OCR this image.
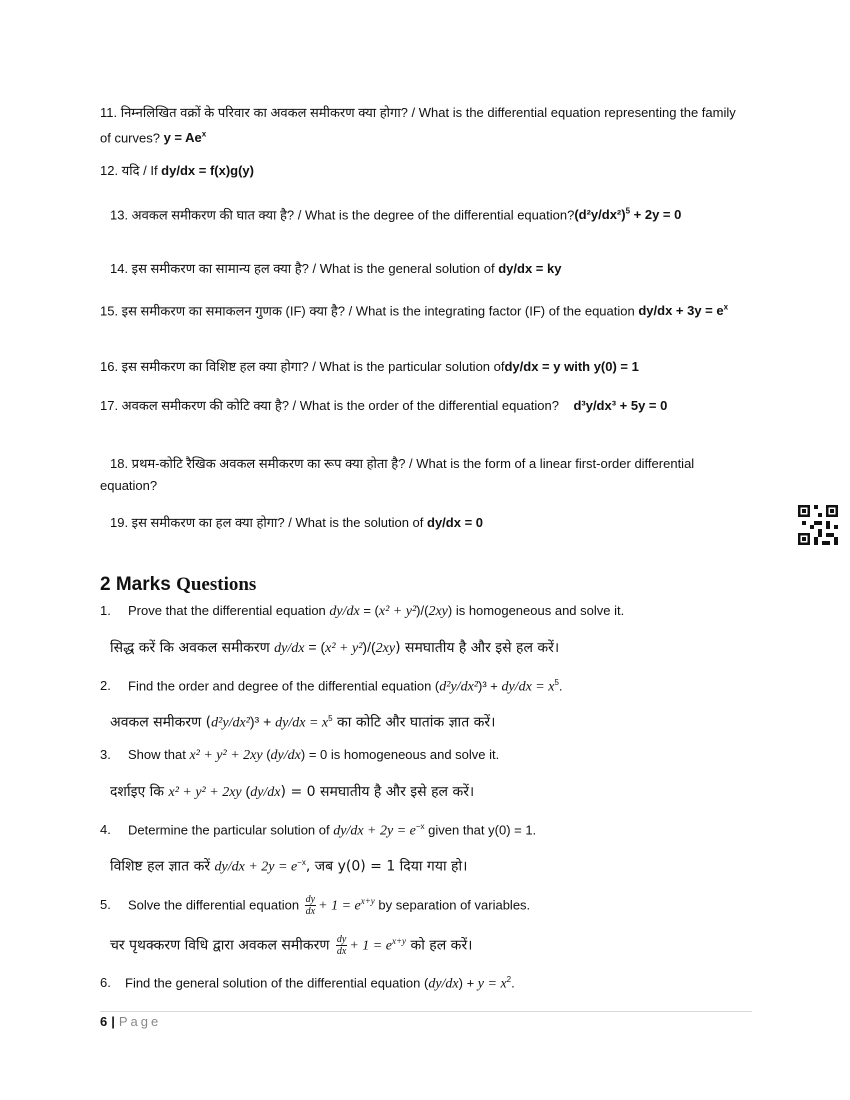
11. निम्नलिखित वक्रों के परिवार का अवकल समीकरण क्या होगा? / What is the differential equation representing the family of curves? $y = Ae^x$
12. यदि / If dy/dx = f(x)g(y)
13. अवकल समीकरण की घात क्या है? / What is the degree of the differential $equation?(d^2y/dx^2)^5 + 2y = 0$
14. इस समीकरण का सामान्य हल क्या है? / What is the general solution of dy/dx = ky
15. इस समीकरण का समाकलन गुणक (IF) क्या है? / What is the integrating factor (IF) of the equation $dy/dx + 3y = e^x$
16. इस समीकरण का विशिष्ट हल क्या होगा? / What is the particular solution ofdy/dx = y with y(0) = 1
17. अवकल समीकरण की कोटि क्या है? / What is the order of the differential equation? d³y/dx³ + 5y = 0
18. प्रथम-कोटि रैखिक अवकल समीकरण का रूप क्या होता है? / What is the form of a linear first-order differential equation?
19. इस समीकरण का हल क्या होगा? / What is the solution of dy/dx = 0
2 Marks Questions
1. Prove that the differential equation dy/dx = (x² + y²)/(2xy) is homogeneous and solve it.
सिद्ध करें कि अवकल समीकरण dy/dx = (x² + y²)/(2xy) समघातीय है और इसे हल करें।
2. Find the order and degree of the differential equation $(d^2y/dx^2)^3 + dy/dx = x^5$.
अवकल समीकरण $(d^2y/dx^2)^3 + dy/dx = x^5$ का कोटि और घातांक ज्ञात करें।
3. Show that x² + y² + 2xy (dy/dx) = 0 is homogeneous and solve it.
दर्शाइए कि x² + y² + 2xy (dy/dx) = 0 समघातीय है और इसे हल करें।
4. Determine the particular solution of $dy/dx + 2y = e^{-x}$ given that y(0) = 1.
विशिष्ट हल ज्ञात करें $dy/dx + 2y = e^{-x}$, जब y(0) = 1 दिया गया हो।
5. Solve the differential equation $\frac{dy}{dx} + 1 = e^{x+y}$ by separation of variables.
चर पृथक्करण विधि द्वारा अवकल समीकरण $\frac{dy}{dx} + 1 = e^{x+y}$ को हल करें।
6. Find the general solution of the differential equation $(dy/dx) + y = x^2$.
6 | Page
